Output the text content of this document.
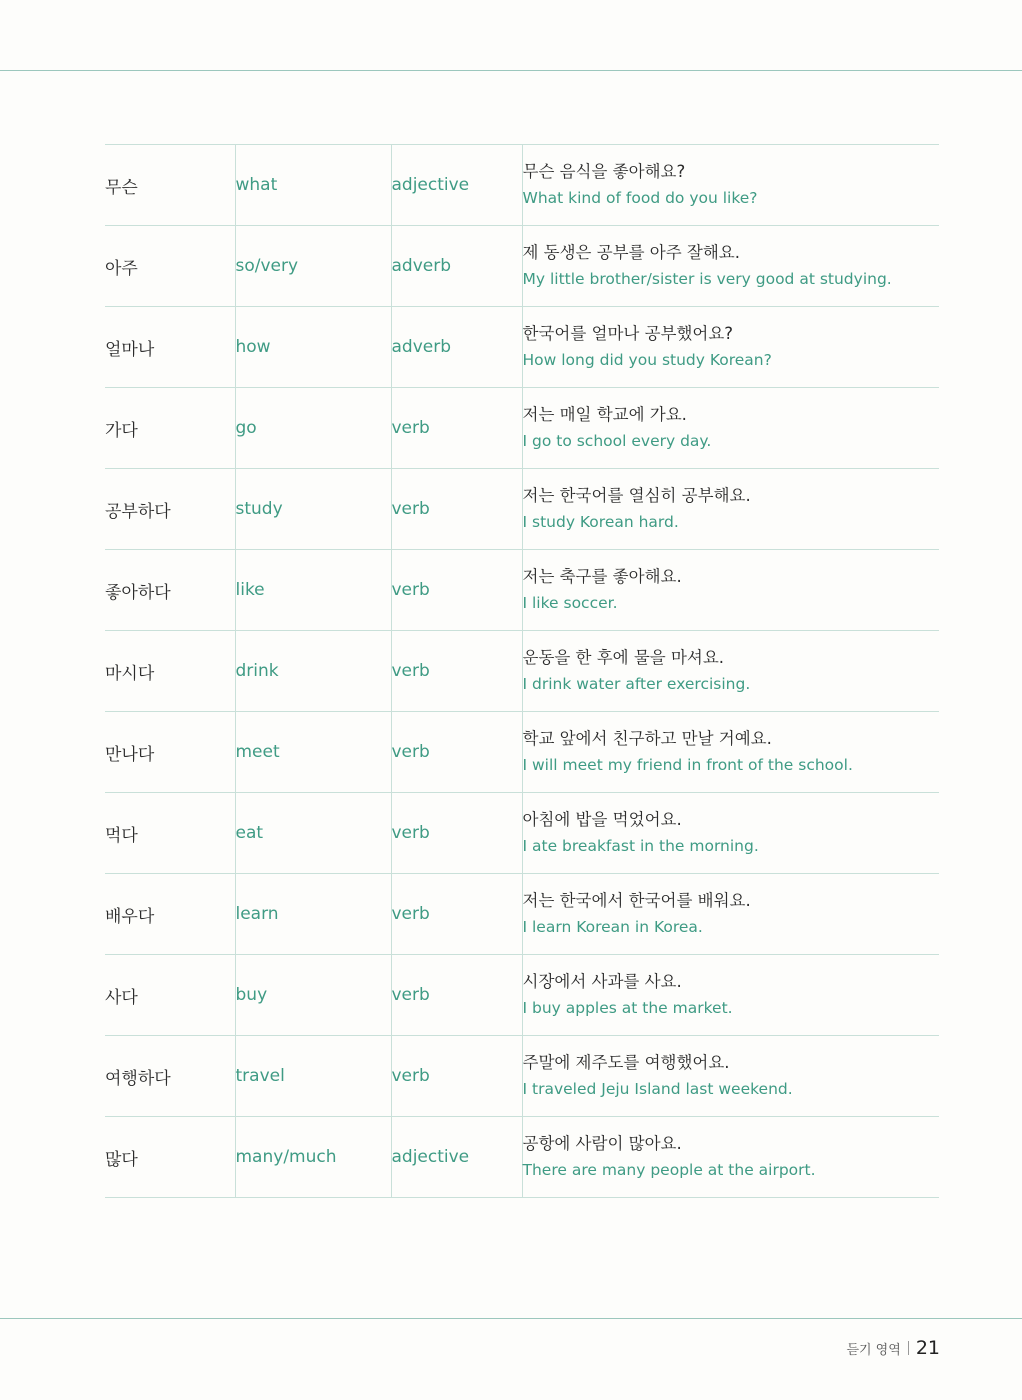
무슨	what	adjective	무슨 음식을 좋아해요?
What kind of food do you like?

아주	so/very	adverb	제 동생은 공부를 아주 잘해요.
My little brother/sister is very good at studying.

얼마나	how	adverb	한국어를 얼마나 공부했어요?
How long did you study Korean?

가다	go	verb	저는 매일 학교에 가요.
I go to school every day.

공부하다	study	verb	저는 한국어를 열심히 공부해요.
I study Korean hard.

좋아하다	like	verb	저는 축구를 좋아해요.
I like soccer.

마시다	drink	verb	운동을 한 후에 물을 마셔요.
I drink water after exercising.

만나다	meet	verb	학교 앞에서 친구하고 만날 거예요.
I will meet my friend in front of the school.

먹다	eat	verb	아침에 밥을 먹었어요.
I ate breakfast in the morning.

배우다	learn	verb	저는 한국에서 한국어를 배워요.
I learn Korean in Korea.

사다	buy	verb	시장에서 사과를 사요.
I buy apples at the market.

여행하다	travel	verb	주말에 제주도를 여행했어요.
I traveled Jeju Island last weekend.

많다	many/much	adjective	공항에 사람이 많아요.
There are many people at the airport.
듣기 영역 21
